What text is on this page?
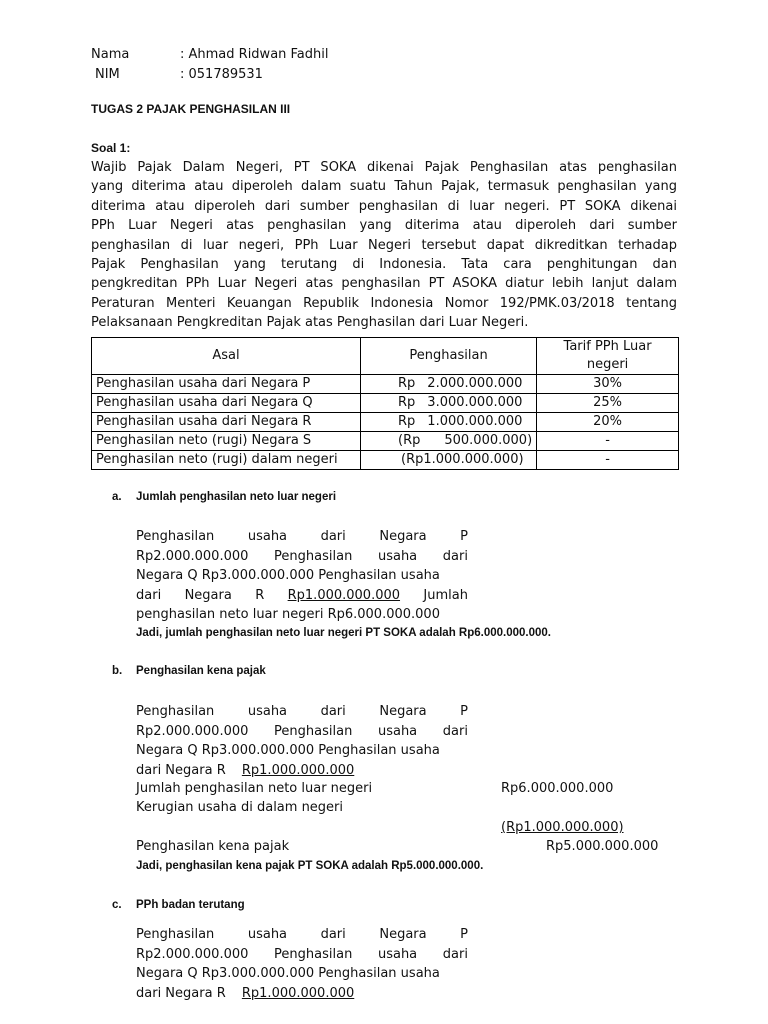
Nama	: Ahmad Ridwan Fadhil
NIM	: 051789531
TUGAS 2 PAJAK PENGHASILAN III
Soal 1:
Wajib Pajak Dalam Negeri, PT SOKA dikenai Pajak Penghasilan atas penghasilan
yang diterima atau diperoleh dalam suatu Tahun Pajak, termasuk penghasilan yang
diterima atau diperoleh dari sumber penghasilan di luar negeri. PT SOKA dikenai
PPh Luar Negeri atas penghasilan yang diterima atau diperoleh dari sumber
penghasilan di luar negeri, PPh Luar Negeri tersebut dapat dikreditkan terhadap
Pajak Penghasilan yang terutang di Indonesia. Tata cara penghitungan dan
pengkreditan PPh Luar Negeri atas penghasilan PT ASOKA diatur lebih lanjut dalam
Peraturan Menteri Keuangan Republik Indonesia Nomor 192/PMK.03/2018 tentang
Pelaksanaan Pengkreditan Pajak atas Penghasilan dari Luar Negeri.
Asal	Penghasilan	Tarif PPh Luar
negeri
Penghasilan usaha dari Negara P	Rp 2.000.000.000	30%
Penghasilan usaha dari Negara Q	Rp 3.000.000.000	25%
Penghasilan usaha dari Negara R	Rp 1.000.000.000	20%
Penghasilan neto (rugi) Negara S	(Rp 500.000.000)	-
Penghasilan neto (rugi) dalam negeri	(Rp1.000.000.000)	-
a. Jumlah penghasilan neto luar negeri
Penghasilan	usaha	dari	Negara	P
Rp2.000.000.000 Penghasilan usaha dari
Negara Q Rp3.000.000.000 Penghasilan usaha
dari Negara R Rp1.000.000.000 Jumlah
penghasilan neto luar negeri Rp6.000.000.000
Jadi, jumlah penghasilan neto luar negeri PT SOKA adalah Rp6.000.000.000.
b. Penghasilan kena pajak
Penghasilan	usaha	dari	Negara	P
Rp2.000.000.000 Penghasilan usaha dari
Negara Q Rp3.000.000.000 Penghasilan usaha
dari Negara R Rp1.000.000.000
Jumlah penghasilan neto luar negeri	Rp6.000.000.000
Kerugian usaha di dalam negeri
(Rp1.000.000.000)
Penghasilan kena pajak	Rp5.000.000.000
Jadi, penghasilan kena pajak PT SOKA adalah Rp5.000.000.000.
c. PPh badan terutang
Penghasilan	usaha	dari	Negara	P
Rp2.000.000.000 Penghasilan usaha dari
Negara Q Rp3.000.000.000 Penghasilan usaha
dari Negara R Rp1.000.000.000
